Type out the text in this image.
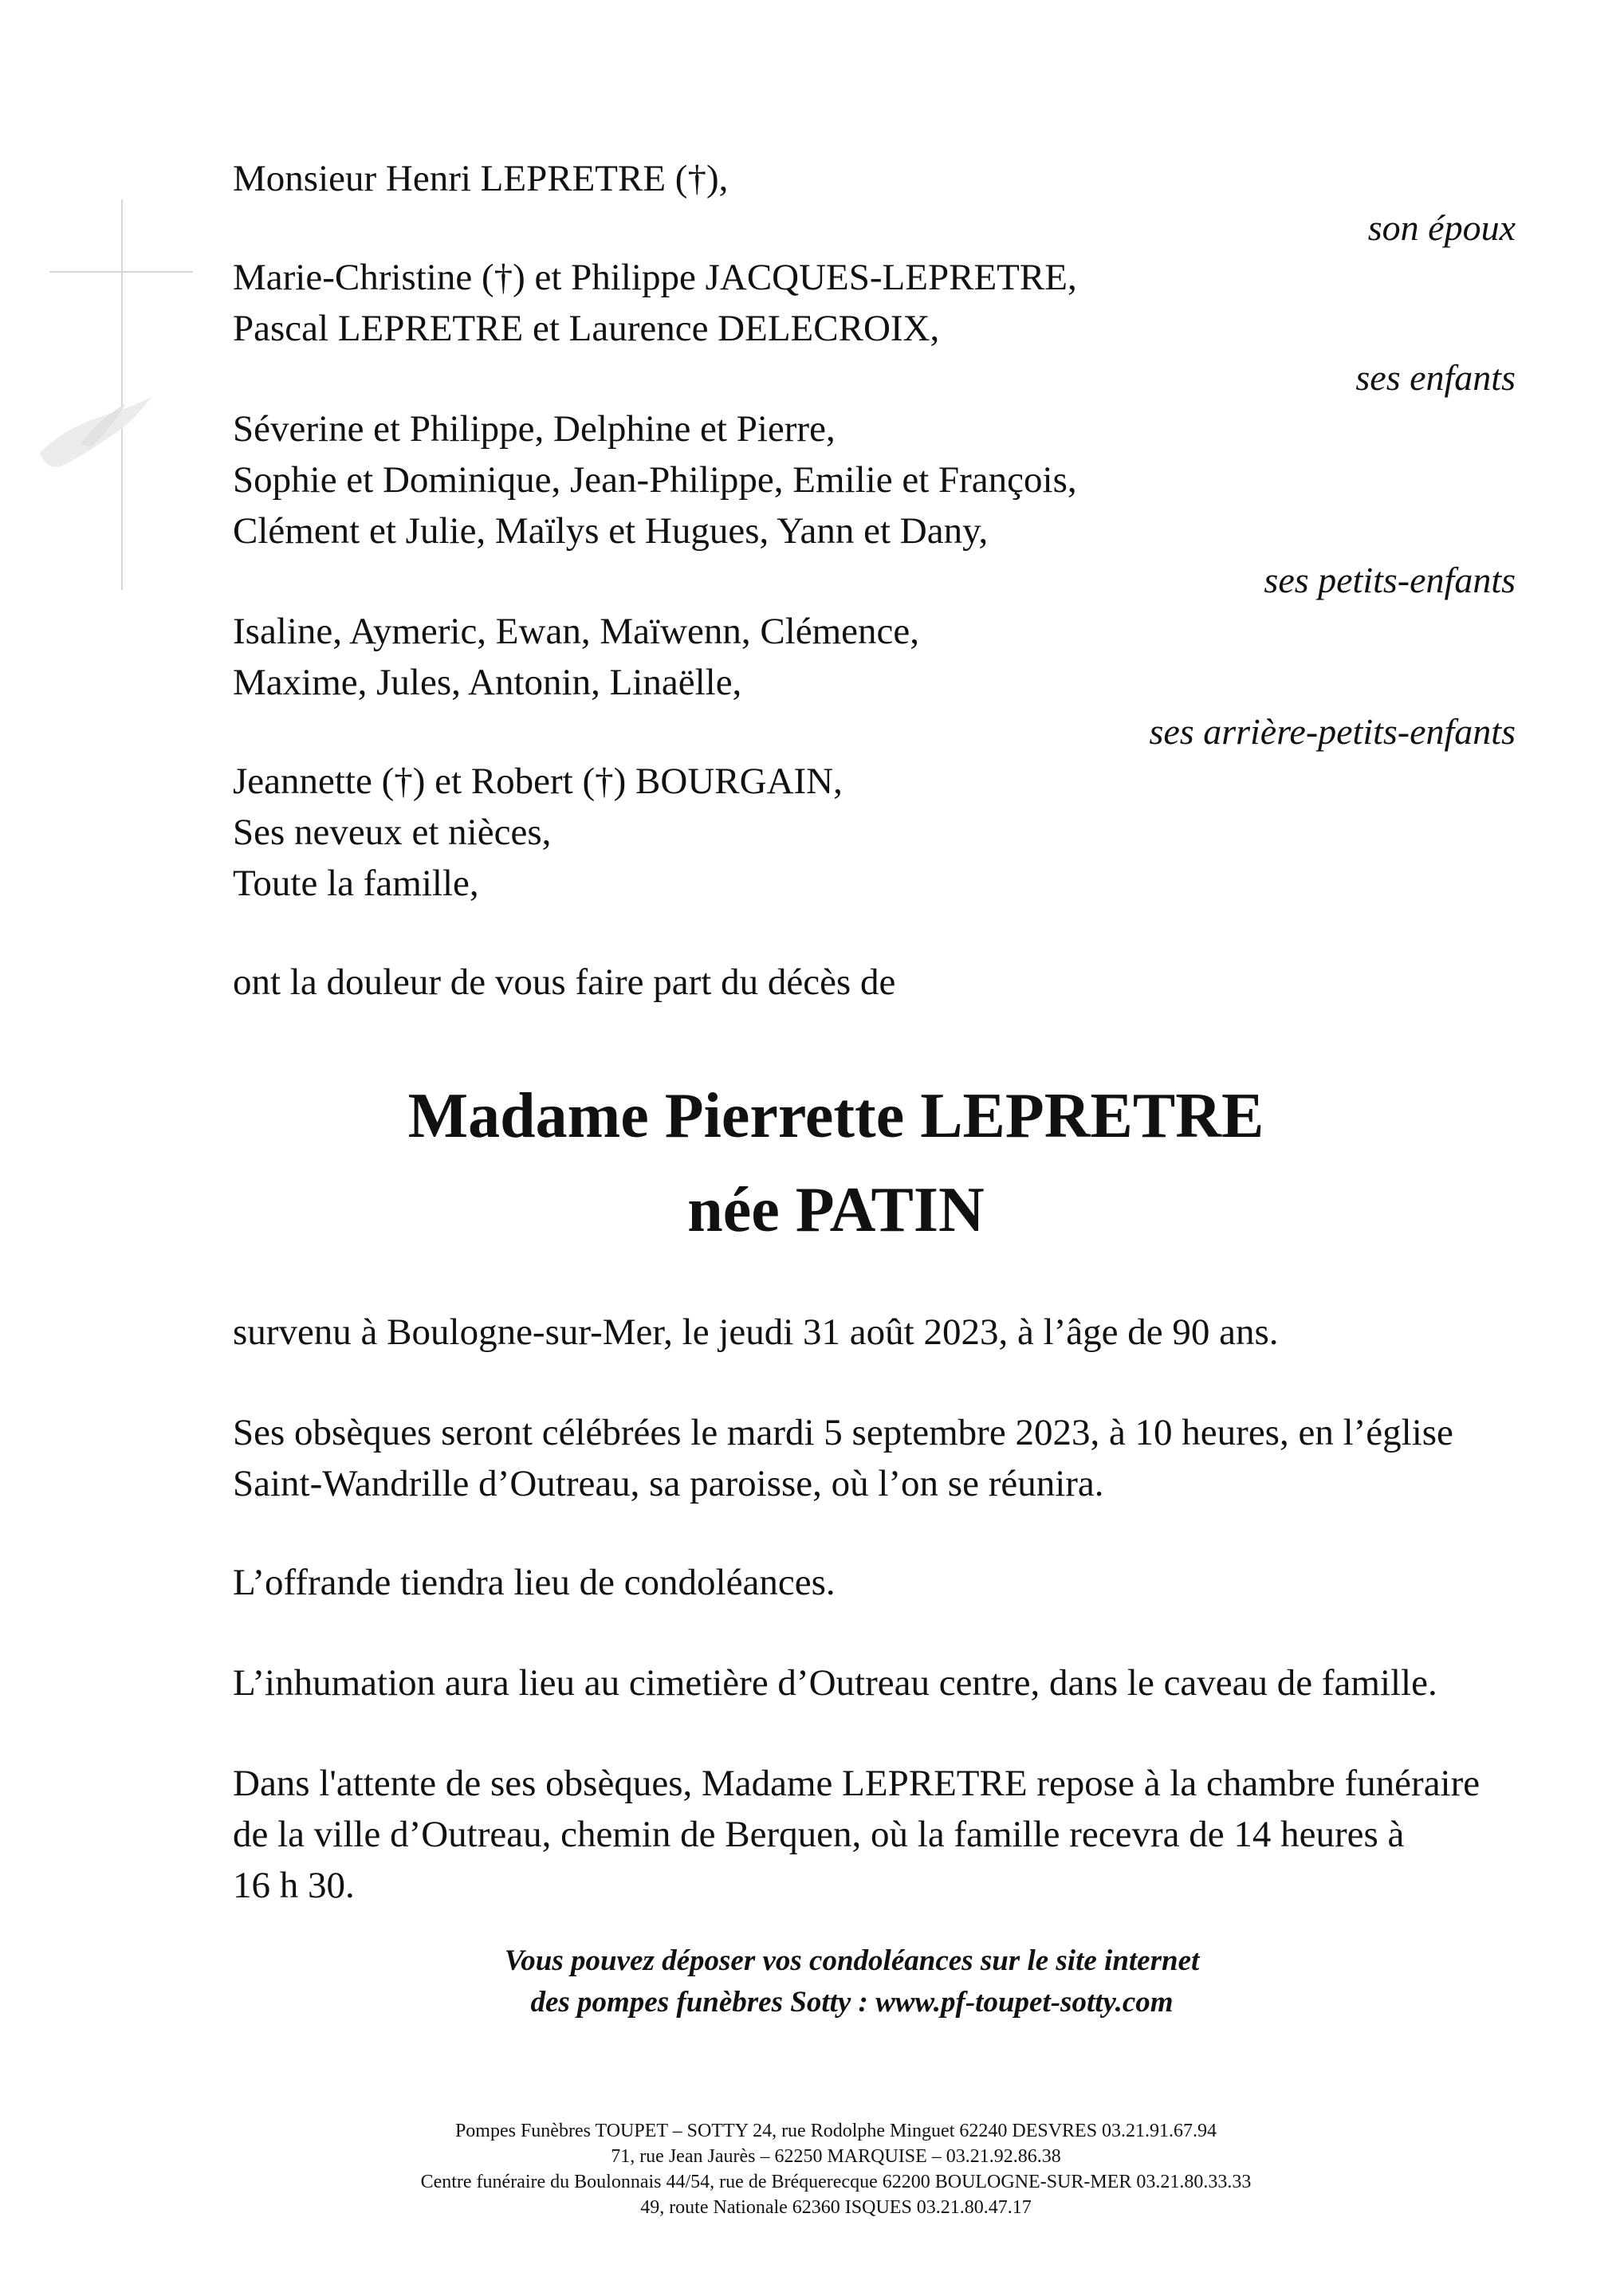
Monsieur Henri LEPRETRE (†),
son époux
Marie-Christine (†) et Philippe JACQUES-LEPRETRE,
Pascal LEPRETRE et Laurence DELECROIX,
ses enfants
Séverine et Philippe, Delphine et Pierre,
Sophie et Dominique, Jean-Philippe, Emilie et François,
Clément et Julie, Maïlys et Hugues, Yann et Dany,
ses petits-enfants
Isaline, Aymeric, Ewan, Maïwenn, Clémence,
Maxime, Jules, Antonin, Linaëlle,
ses arrière-petits-enfants
Jeannette (†) et Robert (†) BOURGAIN,
Ses neveux et nièces,
Toute la famille,
ont la douleur de vous faire part du décès de
Madame Pierrette LEPRETRE
née PATIN
survenu à Boulogne-sur-Mer, le jeudi 31 août 2023, à l’âge de 90 ans.
Ses obsèques seront célébrées le mardi 5 septembre 2023, à 10 heures, en l’église
Saint-Wandrille d’Outreau, sa paroisse, où l’on se réunira.
L’offrande tiendra lieu de condoléances.
L’inhumation aura lieu au cimetière d’Outreau centre, dans le caveau de famille.
Dans l'attente de ses obsèques, Madame LEPRETRE repose à la chambre funéraire
de la ville d’Outreau, chemin de Berquen, où la famille recevra de 14 heures à
16 h 30.
Vous pouvez déposer vos condoléances sur le site internet
des pompes funèbres Sotty : www.pf-toupet-sotty.com
Pompes Funèbres TOUPET – SOTTY 24, rue Rodolphe Minguet 62240 DESVRES 03.21.91.67.94
71, rue Jean Jaurès – 62250 MARQUISE – 03.21.92.86.38
Centre funéraire du Boulonnais 44/54, rue de Bréquerecque 62200 BOULOGNE-SUR-MER 03.21.80.33.33
49, route Nationale 62360 ISQUES 03.21.80.47.17
